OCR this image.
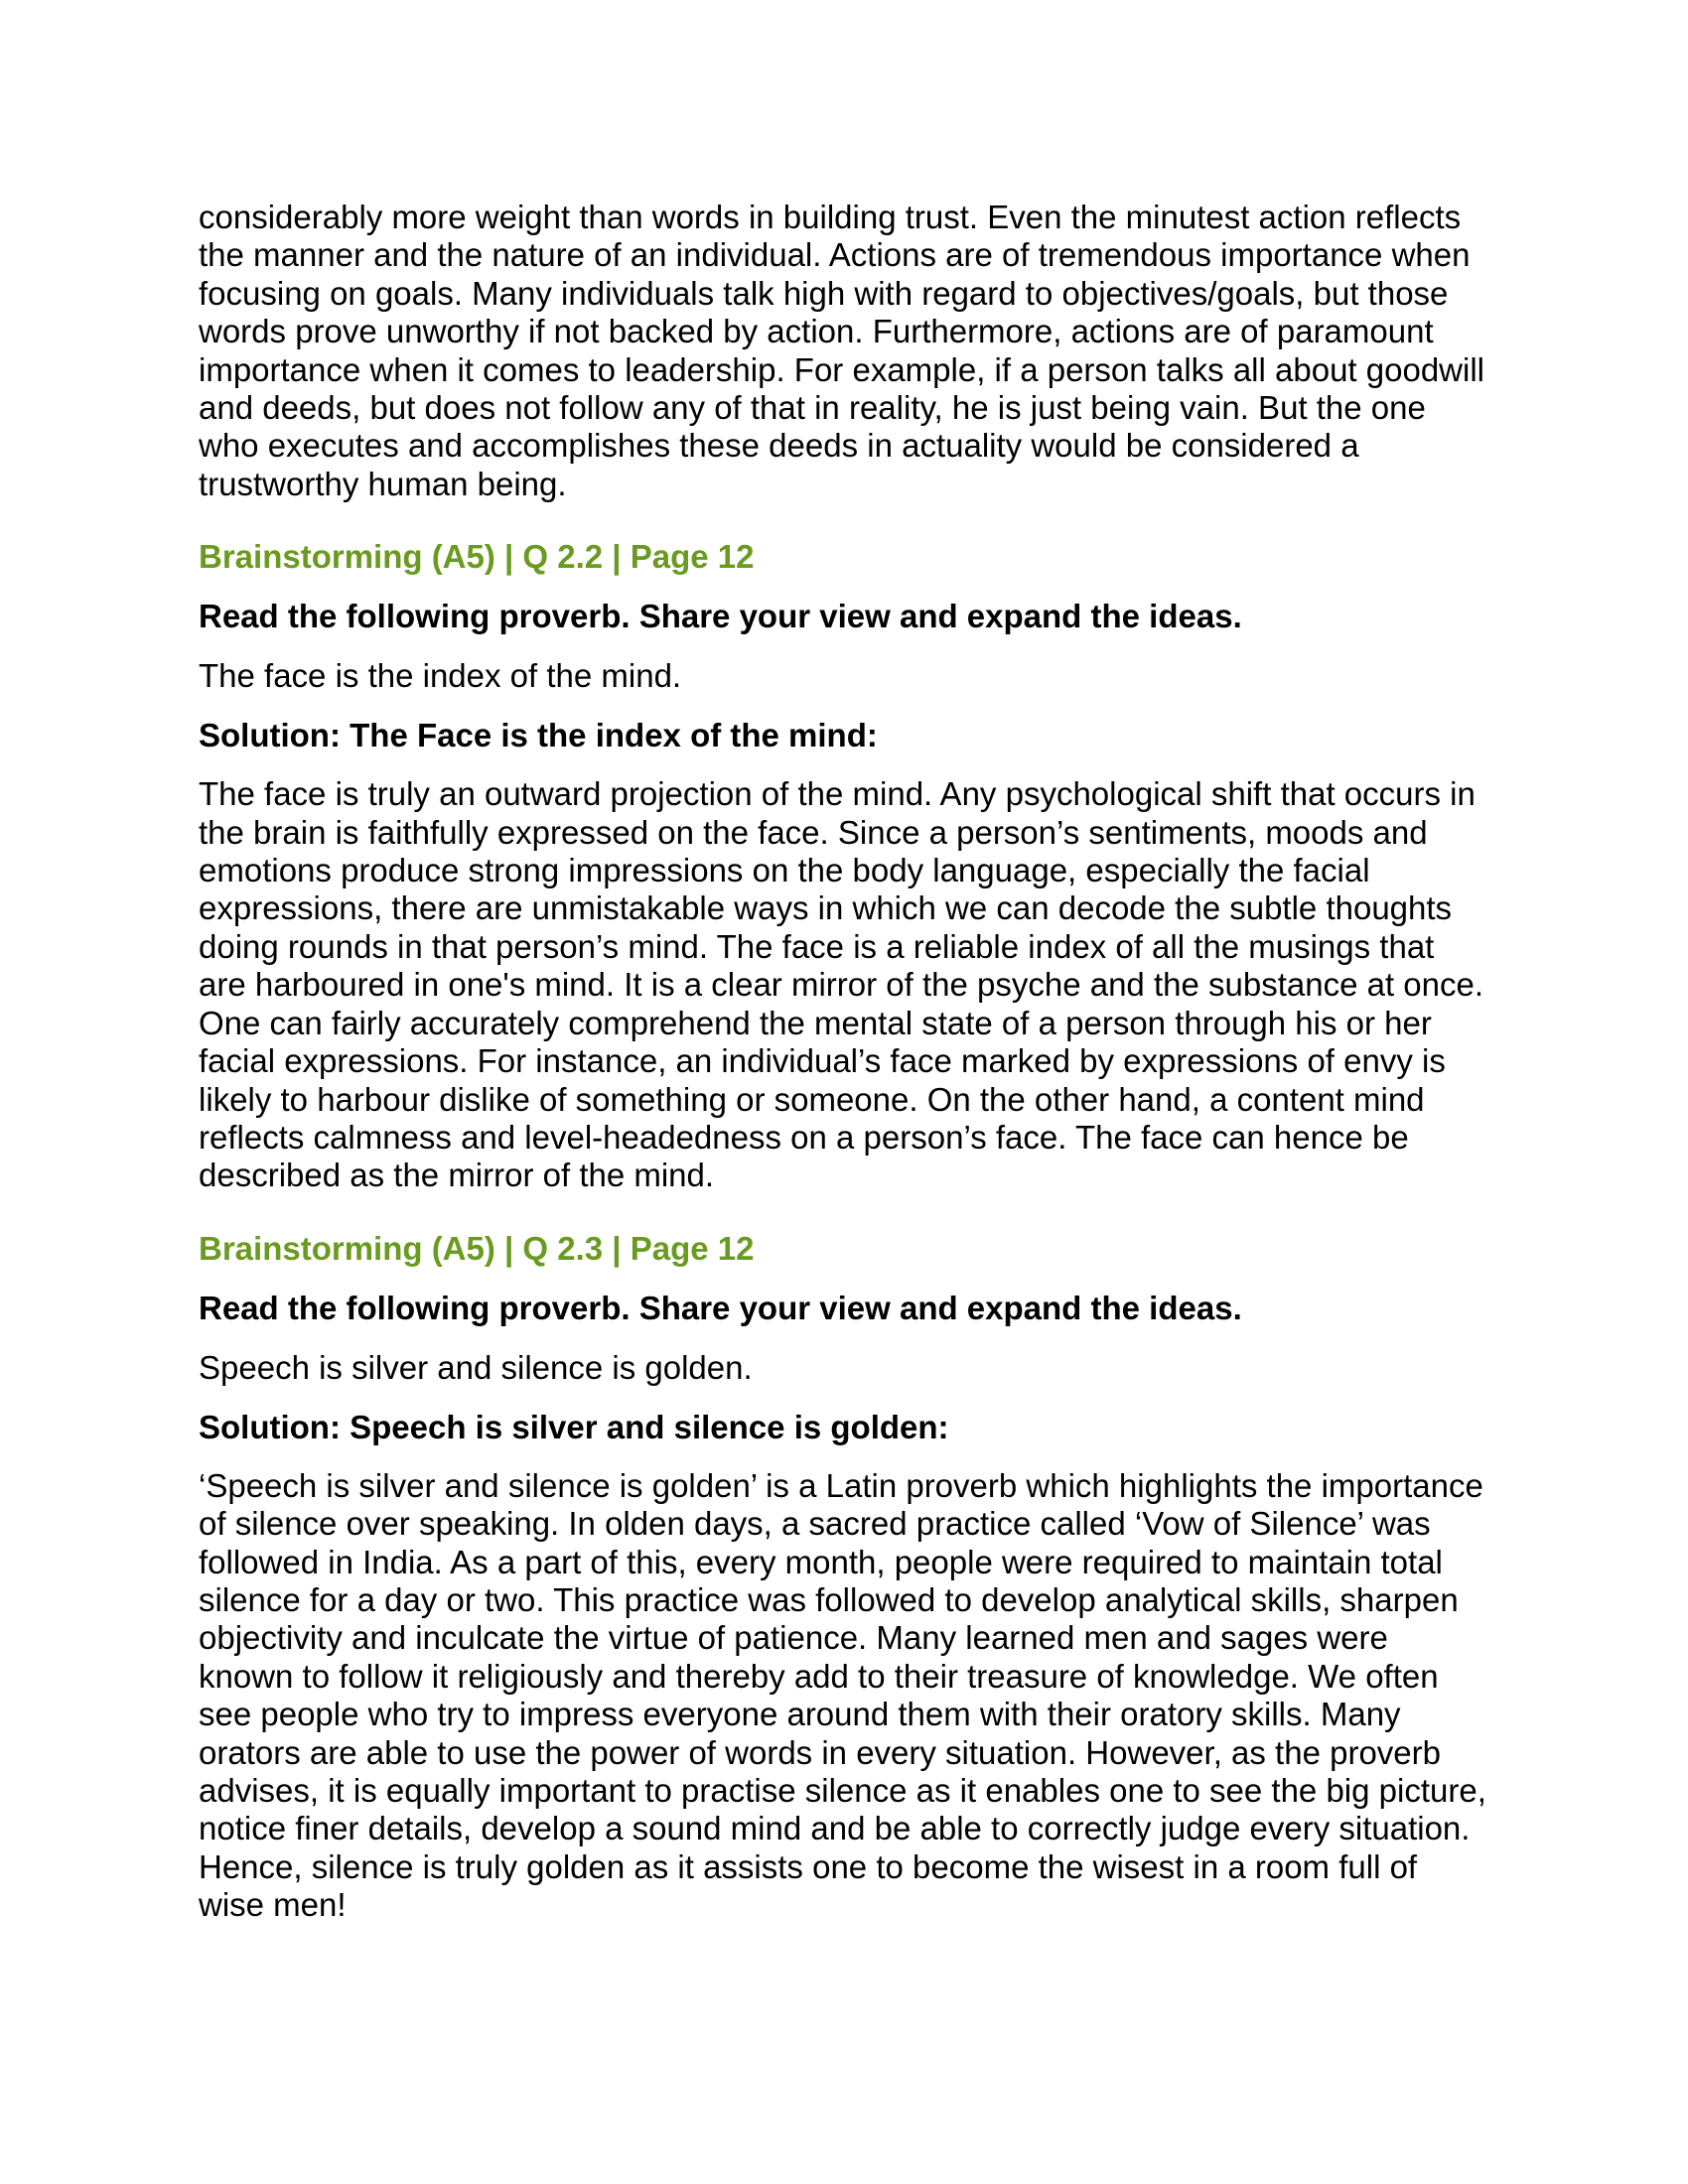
considerably more weight than words in building trust. Even the minutest action reflects the manner and the nature of an individual. Actions are of tremendous importance when focusing on goals. Many individuals talk high with regard to objectives/goals, but those words prove unworthy if not backed by action. Furthermore, actions are of paramount importance when it comes to leadership. For example, if a person talks all about goodwill and deeds, but does not follow any of that in reality, he is just being vain. But the one who executes and accomplishes these deeds in actuality would be considered a trustworthy human being.

Brainstorming (A5) | Q 2.2 | Page 12

Read the following proverb. Share your view and expand the ideas.

The face is the index of the mind.

Solution: The Face is the index of the mind:

The face is truly an outward projection of the mind. Any psychological shift that occurs in the brain is faithfully expressed on the face. Since a person’s sentiments, moods and emotions produce strong impressions on the body language, especially the facial expressions, there are unmistakable ways in which we can decode the subtle thoughts doing rounds in that person’s mind. The face is a reliable index of all the musings that are harboured in one's mind. It is a clear mirror of the psyche and the substance at once. One can fairly accurately comprehend the mental state of a person through his or her facial expressions. For instance, an individual’s face marked by expressions of envy is likely to harbour dislike of something or someone. On the other hand, a content mind reflects calmness and level-headedness on a person’s face. The face can hence be described as the mirror of the mind.

Brainstorming (A5) | Q 2.3 | Page 12

Read the following proverb. Share your view and expand the ideas.

Speech is silver and silence is golden.

Solution: Speech is silver and silence is golden:

‘Speech is silver and silence is golden’ is a Latin proverb which highlights the importance of silence over speaking. In olden days, a sacred practice called ‘Vow of Silence’ was followed in India. As a part of this, every month, people were required to maintain total silence for a day or two. This practice was followed to develop analytical skills, sharpen objectivity and inculcate the virtue of patience. Many learned men and sages were known to follow it religiously and thereby add to their treasure of knowledge. We often see people who try to impress everyone around them with their oratory skills. Many orators are able to use the power of words in every situation. However, as the proverb advises, it is equally important to practise silence as it enables one to see the big picture, notice finer details, develop a sound mind and be able to correctly judge every situation. Hence, silence is truly golden as it assists one to become the wisest in a room full of wise men!
